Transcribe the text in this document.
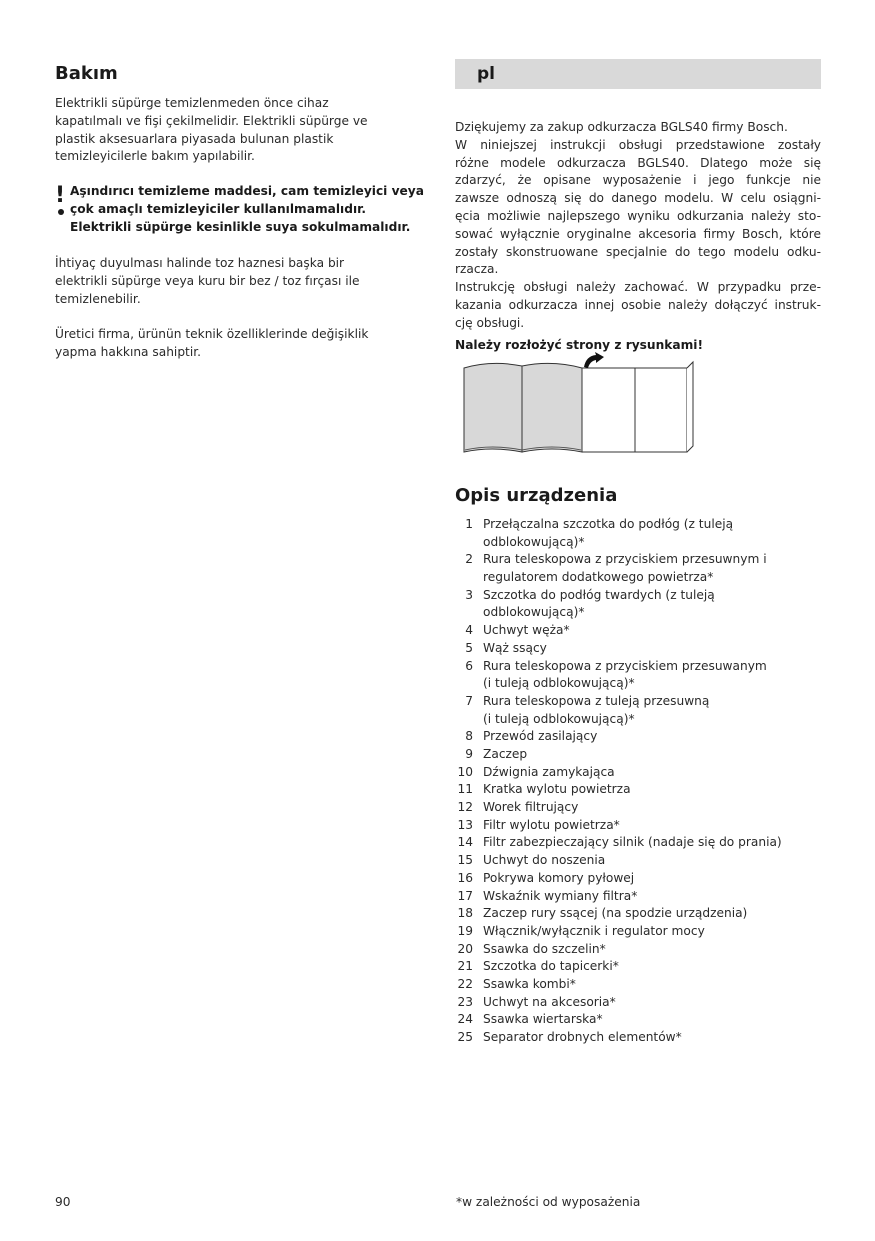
Bakım
Elektrikli süpürge temizlenmeden önce cihaz
kapatılmalı ve fişi çekilmelidir. Elektrikli süpürge ve
plastik aksesuarlara piyasada bulunan plastik
temizleyicilerle bakım yapılabilir.
! Aşındırıcı temizleme maddesi, cam temizleyici veya
çok amaçlı temizleyiciler kullanılmamalıdır.
Elektrikli süpürge kesinlikle suya sokulmamalıdır.
İhtiyaç duyulması halinde toz haznesi başka bir
elektrikli süpürge veya kuru bir bez / toz fırçası ile
temizlenebilir.
Üretici firma, ürünün teknik özelliklerinde değişiklik
yapma hakkına sahiptir.
pl
Dziękujemy za zakup odkurzacza BGLS40 firmy Bosch.
W niniejszej instrukcji obsługi przedstawione zostały
różne modele odkurzacza BGLS40. Dlatego może się
zdarzyć, że opisane wyposażenie i jego funkcje nie
zawsze odnoszą się do danego modelu. W celu osiągni-
ęcia możliwie najlepszego wyniku odkurzania należy sto-
sować wyłącznie oryginalne akcesoria firmy Bosch, które
zostały skonstruowane specjalnie do tego modelu odku-
rzacza.
Instrukcję obsługi należy zachować. W przypadku prze-
kazania odkurzacza innej osobie należy dołączyć instruk-
cję obsługi.
Należy rozłożyć strony z rysunkami!
Opis urządzenia
1 Przełączalna szczotka do podłóg (z tuleją
odblokowującą)*
2 Rura teleskopowa z przyciskiem przesuwnym i
regulatorem dodatkowego powietrza*
3 Szczotka do podłóg twardych (z tuleją
odblokowującą)*
4 Uchwyt węża*
5 Wąż ssący
6 Rura teleskopowa z przyciskiem przesuwanym
(i tuleją odblokowującą)*
7 Rura teleskopowa z tuleją przesuwną
(i tuleją odblokowującą)*
8 Przewód zasilający
9 Zaczep
10 Dźwignia zamykająca
11 Kratka wylotu powietrza
12 Worek filtrujący
13 Filtr wylotu powietrza*
14 Filtr zabezpieczający silnik (nadaje się do prania)
15 Uchwyt do noszenia
16 Pokrywa komory pyłowej
17 Wskaźnik wymiany filtra*
18 Zaczep rury ssącej (na spodzie urządzenia)
19 Włącznik/wyłącznik i regulator mocy
20 Ssawka do szczelin*
21 Szczotka do tapicerki*
22 Ssawka kombi*
23 Uchwyt na akcesoria*
24 Ssawka wiertarska*
25 Separator drobnych elementów*
90	*w zależności od wyposażenia
